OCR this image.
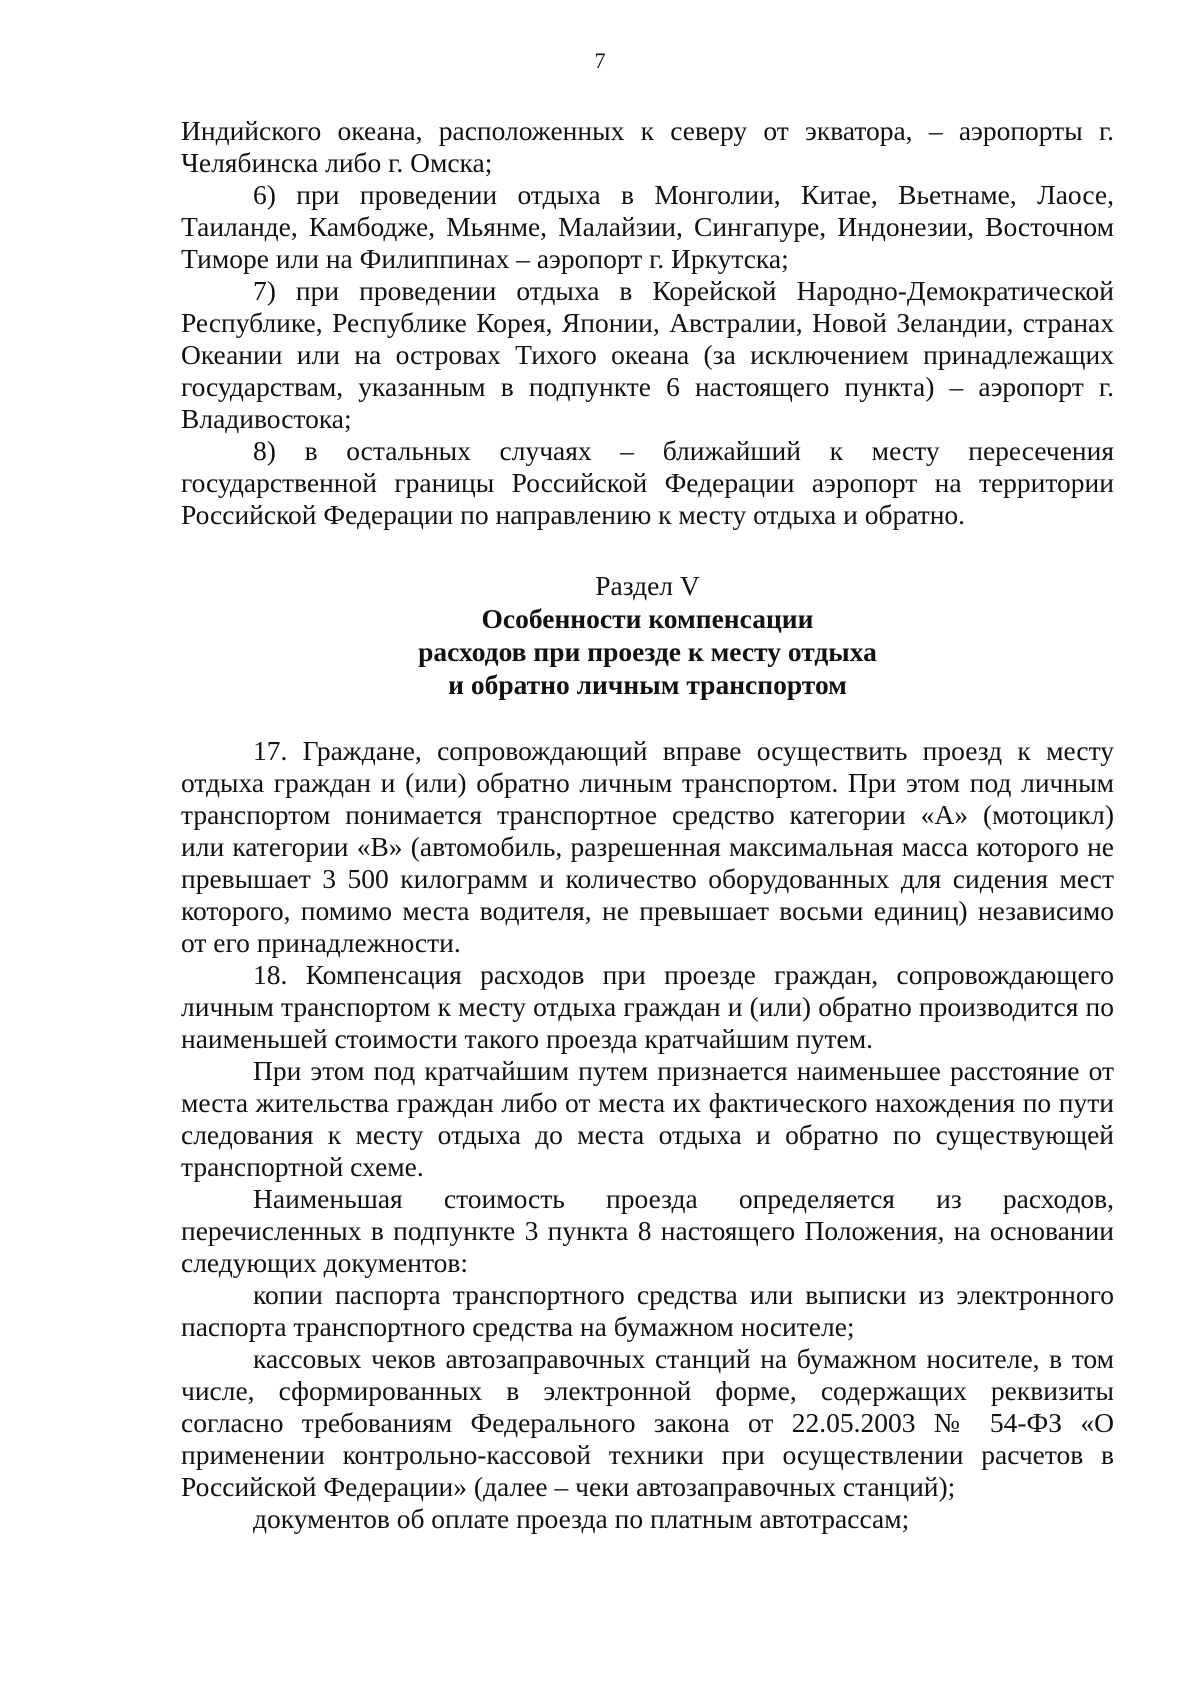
7

Индийского океана, расположенных к северу от экватора, – аэропорты г. Челябинска либо г. Омска;

6) при проведении отдыха в Монголии, Китае, Вьетнаме, Лаосе, Таиланде, Камбодже, Мьянме, Малайзии, Сингапуре, Индонезии, Восточном Тиморе или на Филиппинах – аэропорт г. Иркутска;

7) при проведении отдыха в Корейской Народно-Демократической Республике, Республике Корея, Японии, Австралии, Новой Зеландии, странах Океании или на островах Тихого океана (за исключением принадлежащих государствам, указанным в подпункте 6 настоящего пункта) – аэропорт г. Владивостока;

8) в остальных случаях – ближайший к месту пересечения государственной границы Российской Федерации аэропорт на территории Российской Федерации по направлению к месту отдыха и обратно.

Раздел V
Особенности компенсации
расходов при проезде к месту отдыха
и обратно личным транспортом

17. Граждане, сопровождающий вправе осуществить проезд к месту отдыха граждан и (или) обратно личным транспортом. При этом под личным транспортом понимается транспортное средство категории «А» (мотоцикл) или категории «В» (автомобиль, разрешенная максимальная масса которого не превышает 3 500 килограмм и количество оборудованных для сидения мест которого, помимо места водителя, не превышает восьми единиц) независимо от его принадлежности.

18. Компенсация расходов при проезде граждан, сопровождающего личным транспортом к месту отдыха граждан и (или) обратно производится по наименьшей стоимости такого проезда кратчайшим путем.

При этом под кратчайшим путем признается наименьшее расстояние от места жительства граждан либо от места их фактического нахождения по пути следования к месту отдыха до места отдыха и обратно по существующей транспортной схеме.

Наименьшая стоимость проезда определяется из расходов, перечисленных в подпункте 3 пункта 8 настоящего Положения, на основании следующих документов:

копии паспорта транспортного средства или выписки из электронного паспорта транспортного средства на бумажном носителе;

кассовых чеков автозаправочных станций на бумажном носителе, в том числе, сформированных в электронной форме, содержащих реквизиты согласно требованиям Федерального закона от 22.05.2003 № 54-ФЗ «О применении контрольно-кассовой техники при осуществлении расчетов в Российской Федерации» (далее – чеки автозаправочных станций);

документов об оплате проезда по платным автотрассам;
